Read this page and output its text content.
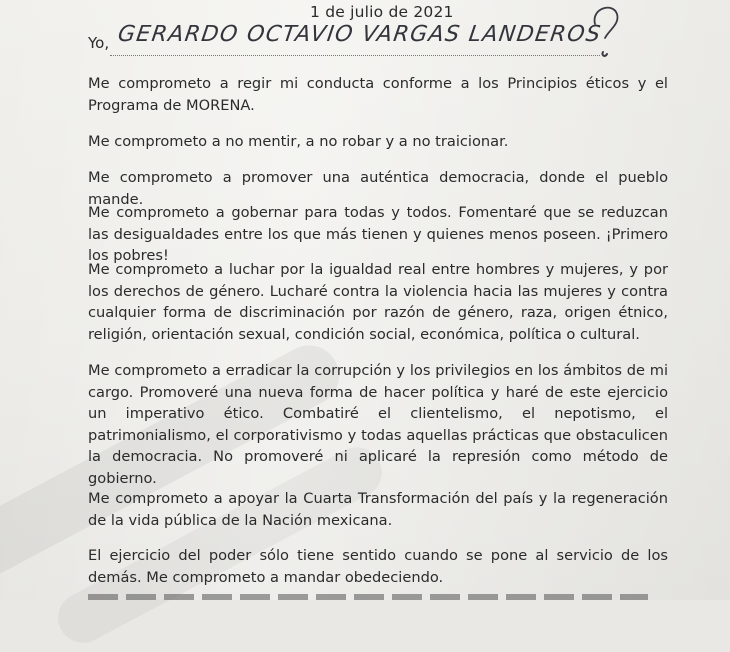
1 de julio de 2021
Yo, GERARDO OCTAVIO VARGAS LANDEROS

Me comprometo a regir mi conducta conforme a los Principios éticos y el Programa de MORENA.

Me comprometo a no mentir, a no robar y a no traicionar.

Me comprometo a promover una auténtica democracia, donde el pueblo mande.

Me comprometo a gobernar para todas y todos. Fomentaré que se reduzcan las desigualdades entre los que más tienen y quienes menos poseen. ¡Primero los pobres!

Me comprometo a luchar por la igualdad real entre hombres y mujeres, y por los derechos de género. Lucharé contra la violencia hacia las mujeres y contra cualquier forma de discriminación por razón de género, raza, origen étnico, religión, orientación sexual, condición social, económica, política o cultural.

Me comprometo a erradicar la corrupción y los privilegios en los ámbitos de mi cargo. Promoveré una nueva forma de hacer política y haré de este ejercicio un imperativo ético. Combatiré el clientelismo, el nepotismo, el patrimonialismo, el corporativismo y todas aquellas prácticas que obstaculicen la democracia. No promoveré ni aplicaré la represión como método de gobierno.

Me comprometo a apoyar la Cuarta Transformación del país y la regeneración de la vida pública de la Nación mexicana.

El ejercicio del poder sólo tiene sentido cuando se pone al servicio de los demás. Me comprometo a mandar obedeciendo.
